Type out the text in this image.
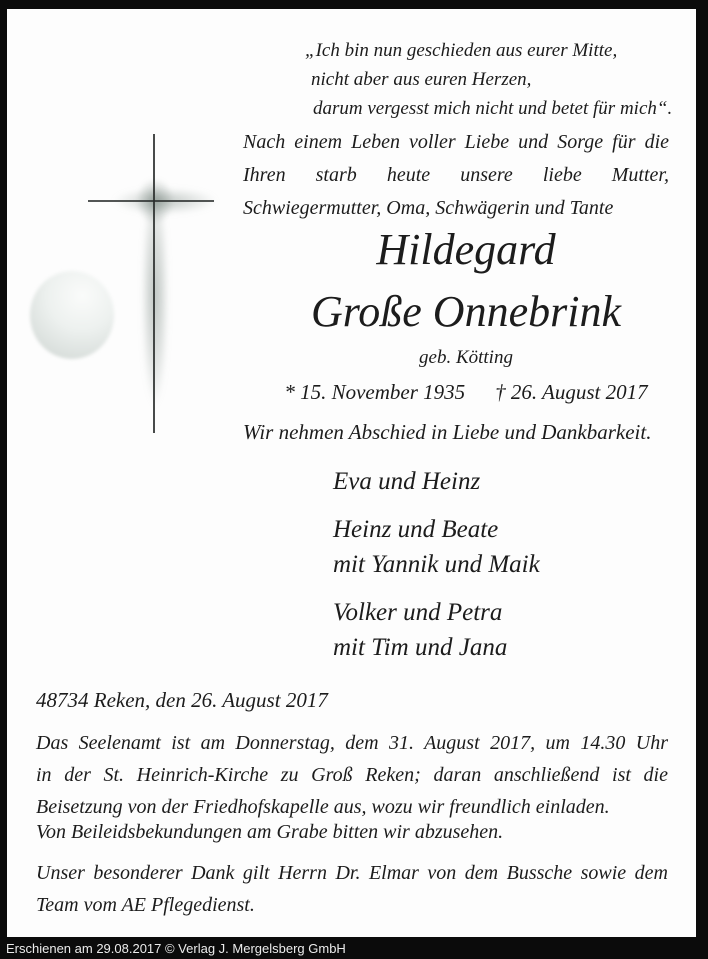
„Ich bin nun geschieden aus eurer Mitte,
nicht aber aus euren Herzen,
darum vergesst mich nicht und betet für mich“.
Nach einem Leben voller Liebe und Sorge für die
Ihren starb heute unsere liebe Mutter,
Schwiegermutter, Oma, Schwägerin und Tante
Hildegard
Große Onnebrink
geb. Kötting
* 15. November 1935 † 26. August 2017
Wir nehmen Abschied in Liebe und Dankbarkeit.
Eva und Heinz
Heinz und Beate
mit Yannik und Maik
Volker und Petra
mit Tim und Jana
48734 Reken, den 26. August 2017
Das Seelenamt ist am Donnerstag, dem 31. August 2017, um 14.30 Uhr
in der St. Heinrich-Kirche zu Groß Reken; daran anschließend ist die
Beisetzung von der Friedhofskapelle aus, wozu wir freundlich einladen.
Von Beileidsbekundungen am Grabe bitten wir abzusehen.
Unser besonderer Dank gilt Herrn Dr. Elmar von dem Bussche sowie dem
Team vom AE Pflegedienst.
Erschienen am 29.08.2017 © Verlag J. Mergelsberg GmbH
